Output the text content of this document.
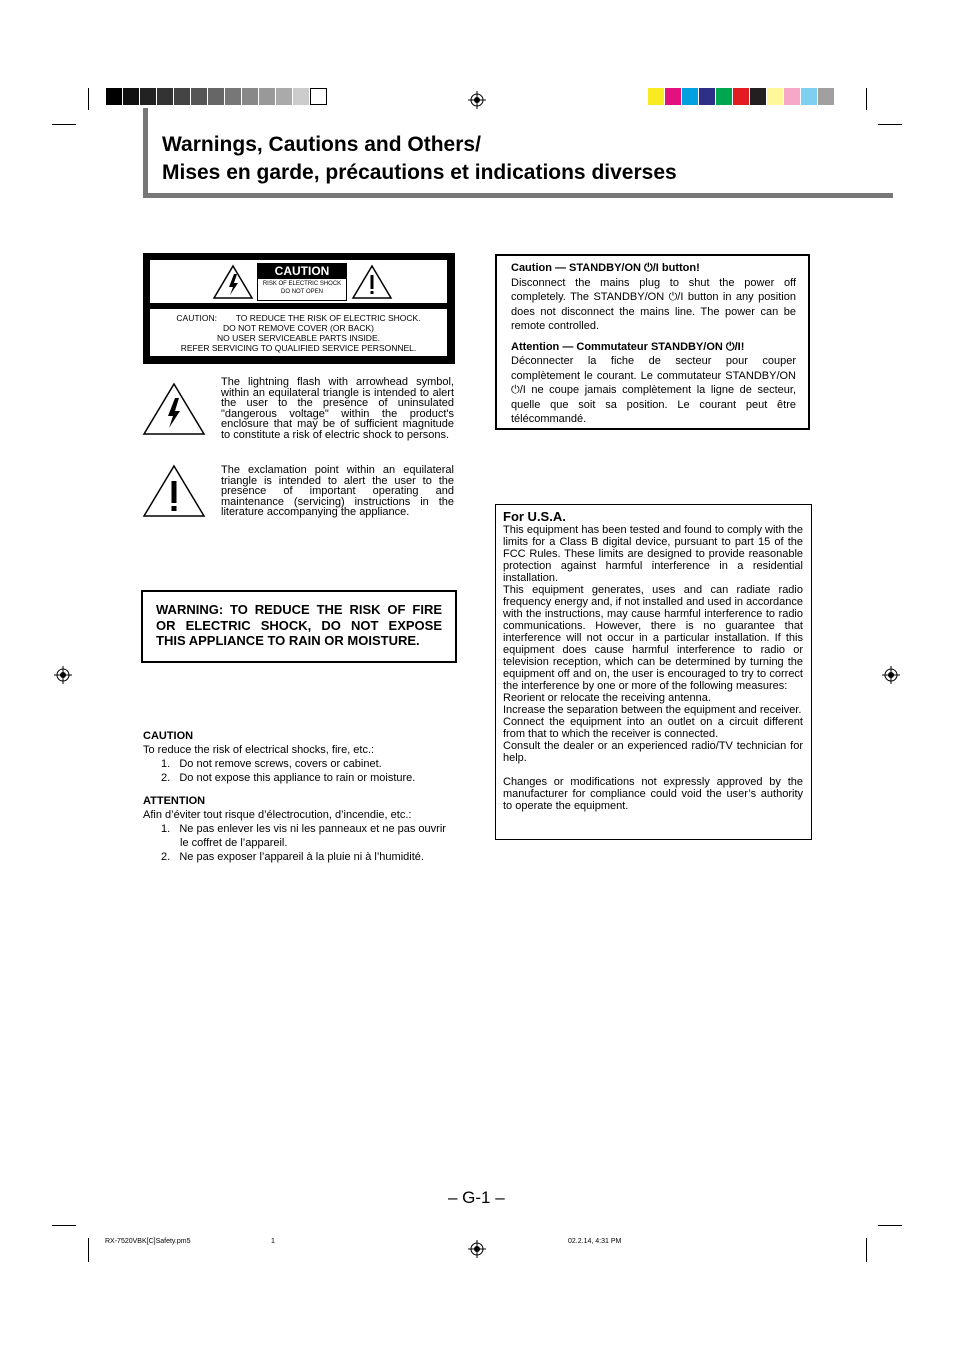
Warnings, Cautions and Others/
Mises en garde, précautions et indications diverses
CAUTION
RISK OF ELECTRIC SHOCK
DO NOT OPEN
CAUTION:        TO REDUCE THE RISK OF ELECTRIC SHOCK.
DO NOT REMOVE COVER (OR BACK)
NO USER SERVICEABLE PARTS INSIDE.
REFER SERVICING TO QUALIFIED SERVICE PERSONNEL.
The lightning flash with arrowhead symbol, within an equilateral triangle is intended to alert the user to the presence of uninsulated "dangerous voltage" within the product's enclosure that may be of sufficient magnitude to constitute a risk of electric shock to persons.
The exclamation point within an equilateral triangle is intended to alert the user to the presence of important operating and maintenance (servicing) instructions in the literature accompanying the appliance.

WARNING: TO REDUCE THE RISK OF FIRE OR ELECTRIC SHOCK, DO NOT EXPOSE THIS APPLIANCE TO RAIN OR MOISTURE.

CAUTION
To reduce the risk of electrical shocks, fire, etc.:
1.   Do not remove screws, covers or cabinet.
2.   Do not expose this appliance to rain or moisture.
ATTENTION
Afin d’éviter tout risque d’électrocution, d’incendie, etc.:
1.   Ne pas enlever les vis ni les panneaux et ne pas ouvrir
le coffret de l’appareil.
2.   Ne pas exposer l’appareil à la pluie ni à l’humidité.

Caution — STANDBY/ON ⏻/I button!

Disconnect the mains plug to shut the power off completely. The STANDBY/ON ⏻/I button in any position does not disconnect the mains line. The power can be remote controlled.

Attention — Commutateur STANDBY/ON ⏻/I!

Déconnecter la fiche de secteur pour couper complètement le courant. Le commutateur STANDBY/ON ⏻/I ne coupe jamais complètement la ligne de secteur, quelle que soit sa position. Le courant peut être télécommandé.

For U.S.A.

This equipment has been tested and found to comply with the limits for a Class B digital device, pursuant to part 15 of the FCC Rules. These limits are designed to provide reasonable protection against harmful interference in a residential installation.

This equipment generates, uses and can radiate radio frequency energy and, if not installed and used in accordance with the instructions, may cause harmful interference to radio communications. However, there is no guarantee that interference will not occur in a particular installation. If this equipment does cause harmful interference to radio or television reception, which can be determined by turning the equipment off and on, the user is encouraged to try to correct the interference by one or more of the following measures:

Reorient or relocate the receiving antenna.

Increase the separation between the equipment and receiver.

Connect the equipment into an outlet on a circuit different from that to which the receiver is connected.

Consult the dealer or an experienced radio/TV technician for help.

Changes or modifications not expressly approved by the manufacturer for compliance could void the user’s authority to operate the equipment.

– G-1 –
RX-7520VBK[C]Safety.pm5	1	02.2.14, 4:31 PM
